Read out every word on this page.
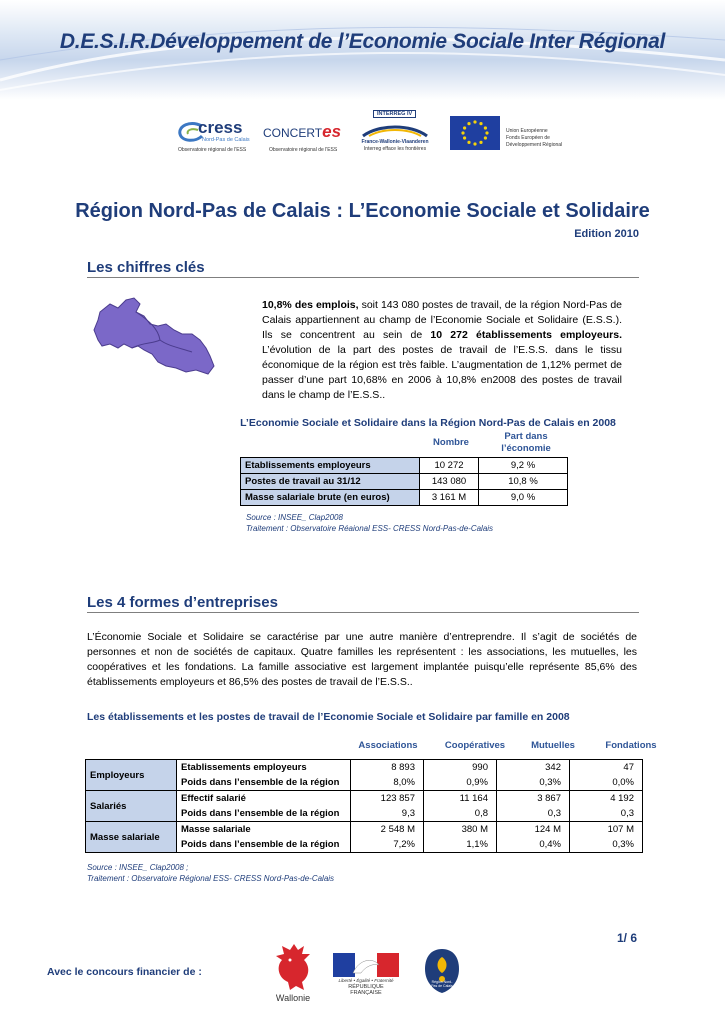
D.E.S.I.R.Développement de l’Economie Sociale Inter Régional
cress
Nord-Pas de Calais
Observatoire régional de l'ESS
CONCERTes
Observatoire régional de l'ESS
INTERREG IV
France-Wallonie-Vlaanderen
Interreg efface les frontières
Union Européenne
Fonds Européen de
Développement Régional
Région Nord-Pas de Calais : L’Economie Sociale et Solidaire
Edition 2010
Les chiffres clés
10,8% des emplois, soit 143 080 postes de travail, de la région Nord-Pas de Calais appartiennent au champ de l’Economie Sociale et Solidaire (E.S.S.). Ils se concentrent au sein de 10 272 établissements employeurs. L’évolution de la part des postes de travail de l’E.S.S. dans le tissu économique de la région est très faible. L’augmentation de 1,12% permet de passer d’une part 10,68% en 2006 à 10,8% en2008 des postes de travail dans le champ de l’E.S.S..
L’Economie Sociale et Solidaire dans la Région Nord-Pas de Calais en 2008
Nombre
Part dans
l’économie
Etablissements employeurs	10 272	9,2 %
Postes de travail au 31/12	143 080	10,8 %
Masse salariale brute (en euros)	3 161 M	9,0 %
Source : INSEE_ Clap2008
Traitement : Observatoire Réaional ESS- CRESS Nord-Pas-de-Calais
Les 4 formes d’entreprises
L’Économie Sociale et Solidaire se caractérise par une autre manière d’entreprendre. Il s’agit de sociétés de personnes et non de sociétés de capitaux. Quatre familles les représentent : les associations, les mutuelles, les coopératives et les fondations. La famille associative est largement implantée puisqu’elle représente 85,6% des établissements employeurs et 86,5% des postes de travail de l’E.S.S..
Les établissements et les postes de travail de l’Economie Sociale et Solidaire par famille en 2008
Associations	Coopératives	Mutuelles	Fondations
Employeurs	Etablissements employeurs	8 893	990	342	47
	Poids dans l’ensemble de la région	8,0%	0,9%	0,3%	0,0%
Salariés	Effectif salarié	123 857	11 164	3 867	4 192
	Poids dans l’ensemble de la région	9,3	0,8	0,3	0,3
Masse salariale	Masse salariale	2 548 M	380 M	124 M	107 M
	Poids dans l’ensemble de la région	7,2%	1,1%	0,4%	0,3%
Source : INSEE_ Clap2008 ;
Traitement : Observatoire Régional ESS- CRESS Nord-Pas-de-Calais
1/ 6
Avec le concours financier de :
Wallonie
Liberté • Égalité • Fraternité
RÉPUBLIQUE FRANÇAISE
Région Nord-Pas de Calais
